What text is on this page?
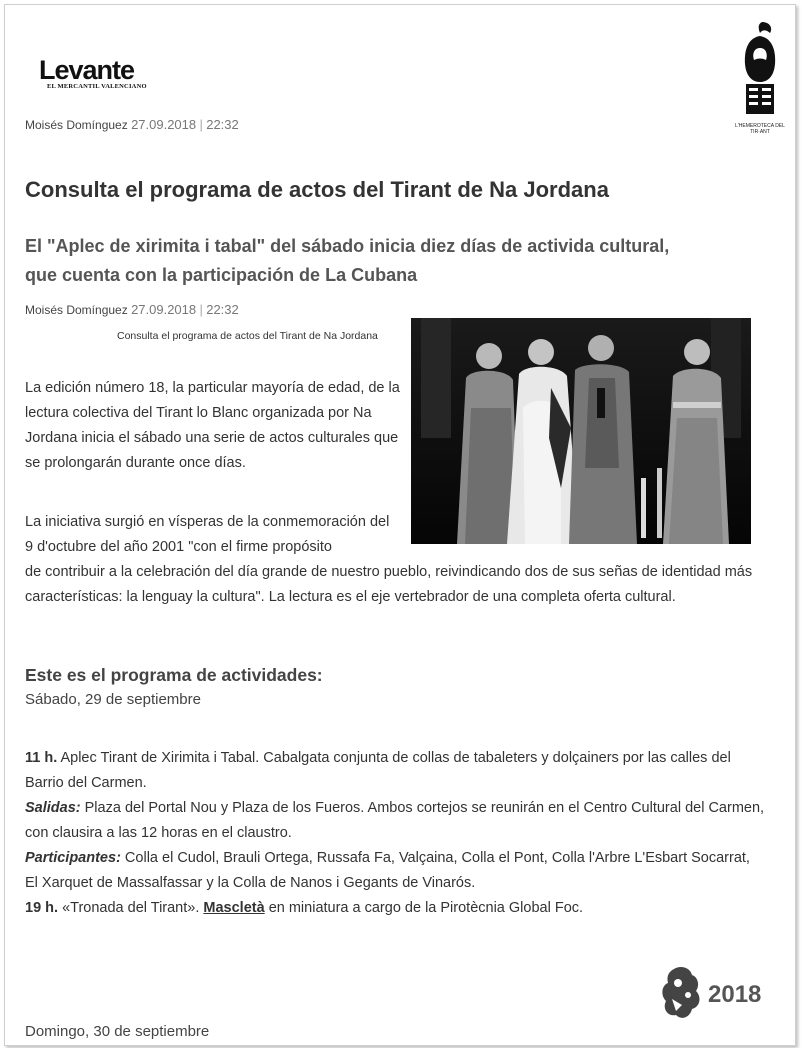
Levante
EL MERCANTIL VALENCIANO
L'HEMEROTECA DEL TIR·ANT
Moisés Domínguez 27.09.2018 | 22:32
Consulta el programa de actos del Tirant de Na Jordana
El "Aplec de xirimita i tabal" del sábado inicia diez días de activida cultural, que cuenta con la participación de La Cubana
Moisés Domínguez 27.09.2018 | 22:32
Consulta el programa de actos del Tirant de Na Jordana
La edición número 18, la particular mayoría de edad, de la lectura colectiva del Tirant lo Blanc organizada por Na Jordana inicia el sábado una serie de actos culturales que se prolongarán durante once días.
La iniciativa surgió en vísperas de la conmemoración del 9 d'octubre del año 2001 "con el firme propósito
de contribuir a la celebración del día grande de nuestro pueblo, reivindicando dos de sus señas de identidad más características: la lenguay la cultura". La lectura es el eje vertebrador de una completa oferta cultural.
Este es el programa de actividades:
Sábado, 29 de septiembre

11 h. Aplec Tirant de Xirimita i Tabal. Cabalgata conjunta de collas de tabaleters y dolçainers por las calles del Barrio del Carmen.

Salidas: Plaza del Portal Nou y Plaza de los Fueros. Ambos cortejos se reunirán en el Centro Cultural del Carmen, con clausira a las 12 horas en el claustro.

Participantes: Colla el Cudol, Brauli Ortega, Russafa Fa, Valçaina, Colla el Pont, Colla l'Arbre L'Esbart Socarrat, El Xarquet de Massalfassar y la Colla de Nanos i Gegants de Vinarós.

19 h. «Tronada del Tirant». Mascletà en miniatura a cargo de la Pirotècnia Global Foc.

2018
Domingo, 30 de septiembre
